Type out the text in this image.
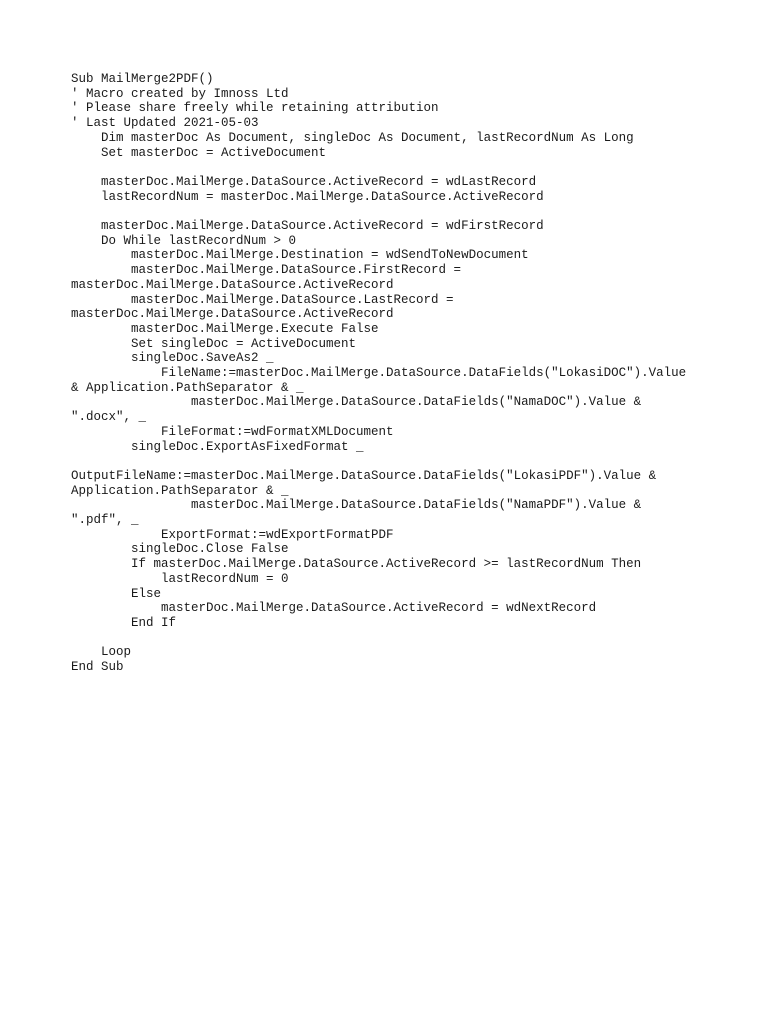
Sub MailMerge2PDF()
' Macro created by Imnoss Ltd
' Please share freely while retaining attribution
' Last Updated 2021-05-03
Dim masterDoc As Document, singleDoc As Document, lastRecordNum As Long
Set masterDoc = ActiveDocument
masterDoc.MailMerge.DataSource.ActiveRecord = wdLastRecord
lastRecordNum = masterDoc.MailMerge.DataSource.ActiveRecord
masterDoc.MailMerge.DataSource.ActiveRecord = wdFirstRecord
Do While lastRecordNum > 0
masterDoc.MailMerge.Destination = wdSendToNewDocument
masterDoc.MailMerge.DataSource.FirstRecord =
masterDoc.MailMerge.DataSource.ActiveRecord
masterDoc.MailMerge.DataSource.LastRecord =
masterDoc.MailMerge.DataSource.ActiveRecord
masterDoc.MailMerge.Execute False
Set singleDoc = ActiveDocument
singleDoc.SaveAs2 _
FileName:=masterDoc.MailMerge.DataSource.DataFields("LokasiDOC").Value
& Application.PathSeparator & _
masterDoc.MailMerge.DataSource.DataFields("NamaDOC").Value &
".docx", _
FileFormat:=wdFormatXMLDocument
singleDoc.ExportAsFixedFormat _
OutputFileName:=masterDoc.MailMerge.DataSource.DataFields("LokasiPDF").Value &
Application.PathSeparator & _
masterDoc.MailMerge.DataSource.DataFields("NamaPDF").Value &
".pdf", _
ExportFormat:=wdExportFormatPDF
singleDoc.Close False
If masterDoc.MailMerge.DataSource.ActiveRecord >= lastRecordNum Then
lastRecordNum = 0
Else
masterDoc.MailMerge.DataSource.ActiveRecord = wdNextRecord
End If
Loop
End Sub
